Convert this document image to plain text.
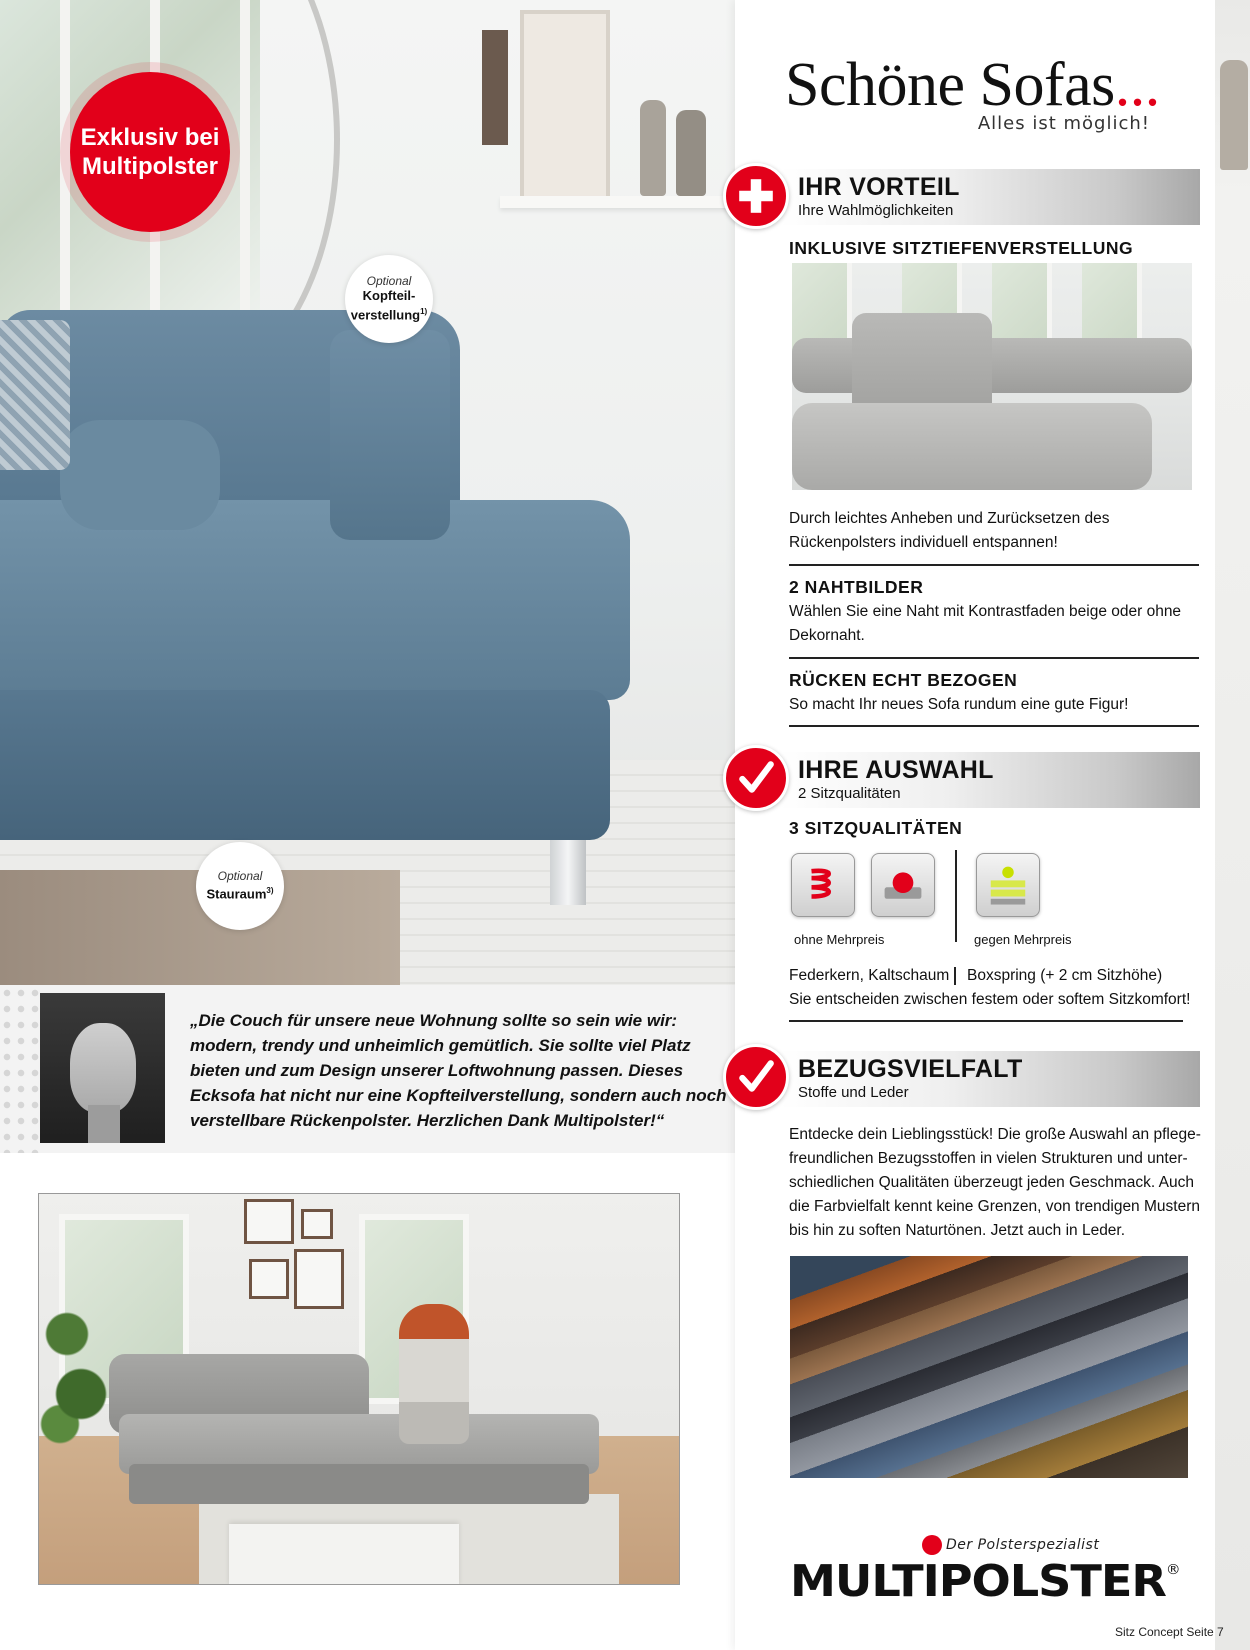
Exklusiv bei
Multipolster
Optional
Kopfteil-
verstellung$^{1)}$
Optional
Stauraum$^{3)}$
„Die Couch für unsere neue Wohnung sollte so sein wie wir: modern, trendy und unheimlich gemütlich. Sie sollte viel Platz bieten und zum Design unserer Loftwohnung passen. Dieses Ecksofa hat nicht nur eine Kopfteilverstellung, sondern auch noch verstellbare Rückenpolster. Herzlichen Dank Multipolster!“
Schöne Sofas...
Alles ist möglich!
IHR VORTEIL
Ihre Wahlmöglichkeiten
INKLUSIVE SITZTIEFENVERSTELLUNG
Durch leichtes Anheben und Zurücksetzen des Rückenpolsters individuell entspannen!
2 NAHTBILDER
Wählen Sie eine Naht mit Kontrastfaden beige oder ohne Dekornaht.
RÜCKEN ECHT BEZOGEN
So macht Ihr neues Sofa rundum eine gute Figur!
IHRE AUSWAHL
2 Sitzqualitäten
3 SITZQUALITÄTEN
ohne Mehrpreis	gegen Mehrpreis
Federkern, Kaltschaum	Boxspring (+ 2 cm Sitzhöhe)
Sie entscheiden zwischen festem oder softem Sitzkomfort!
BEZUGSVIELFALT
Stoffe und Leder
Entdecke dein Lieblingsstück! Die große Auswahl an pflegefreundlichen Bezugsstoffen in vielen Strukturen und unterschiedlichen Qualitäten überzeugt jeden Geschmack. Auch die Farbvielfalt kennt keine Grenzen, von trendigen Mustern bis hin zu soften Naturtönen. Jetzt auch in Leder.
Der Polsterspezialist
MULTIPOLSTER®
Sitz Concept Seite 7
